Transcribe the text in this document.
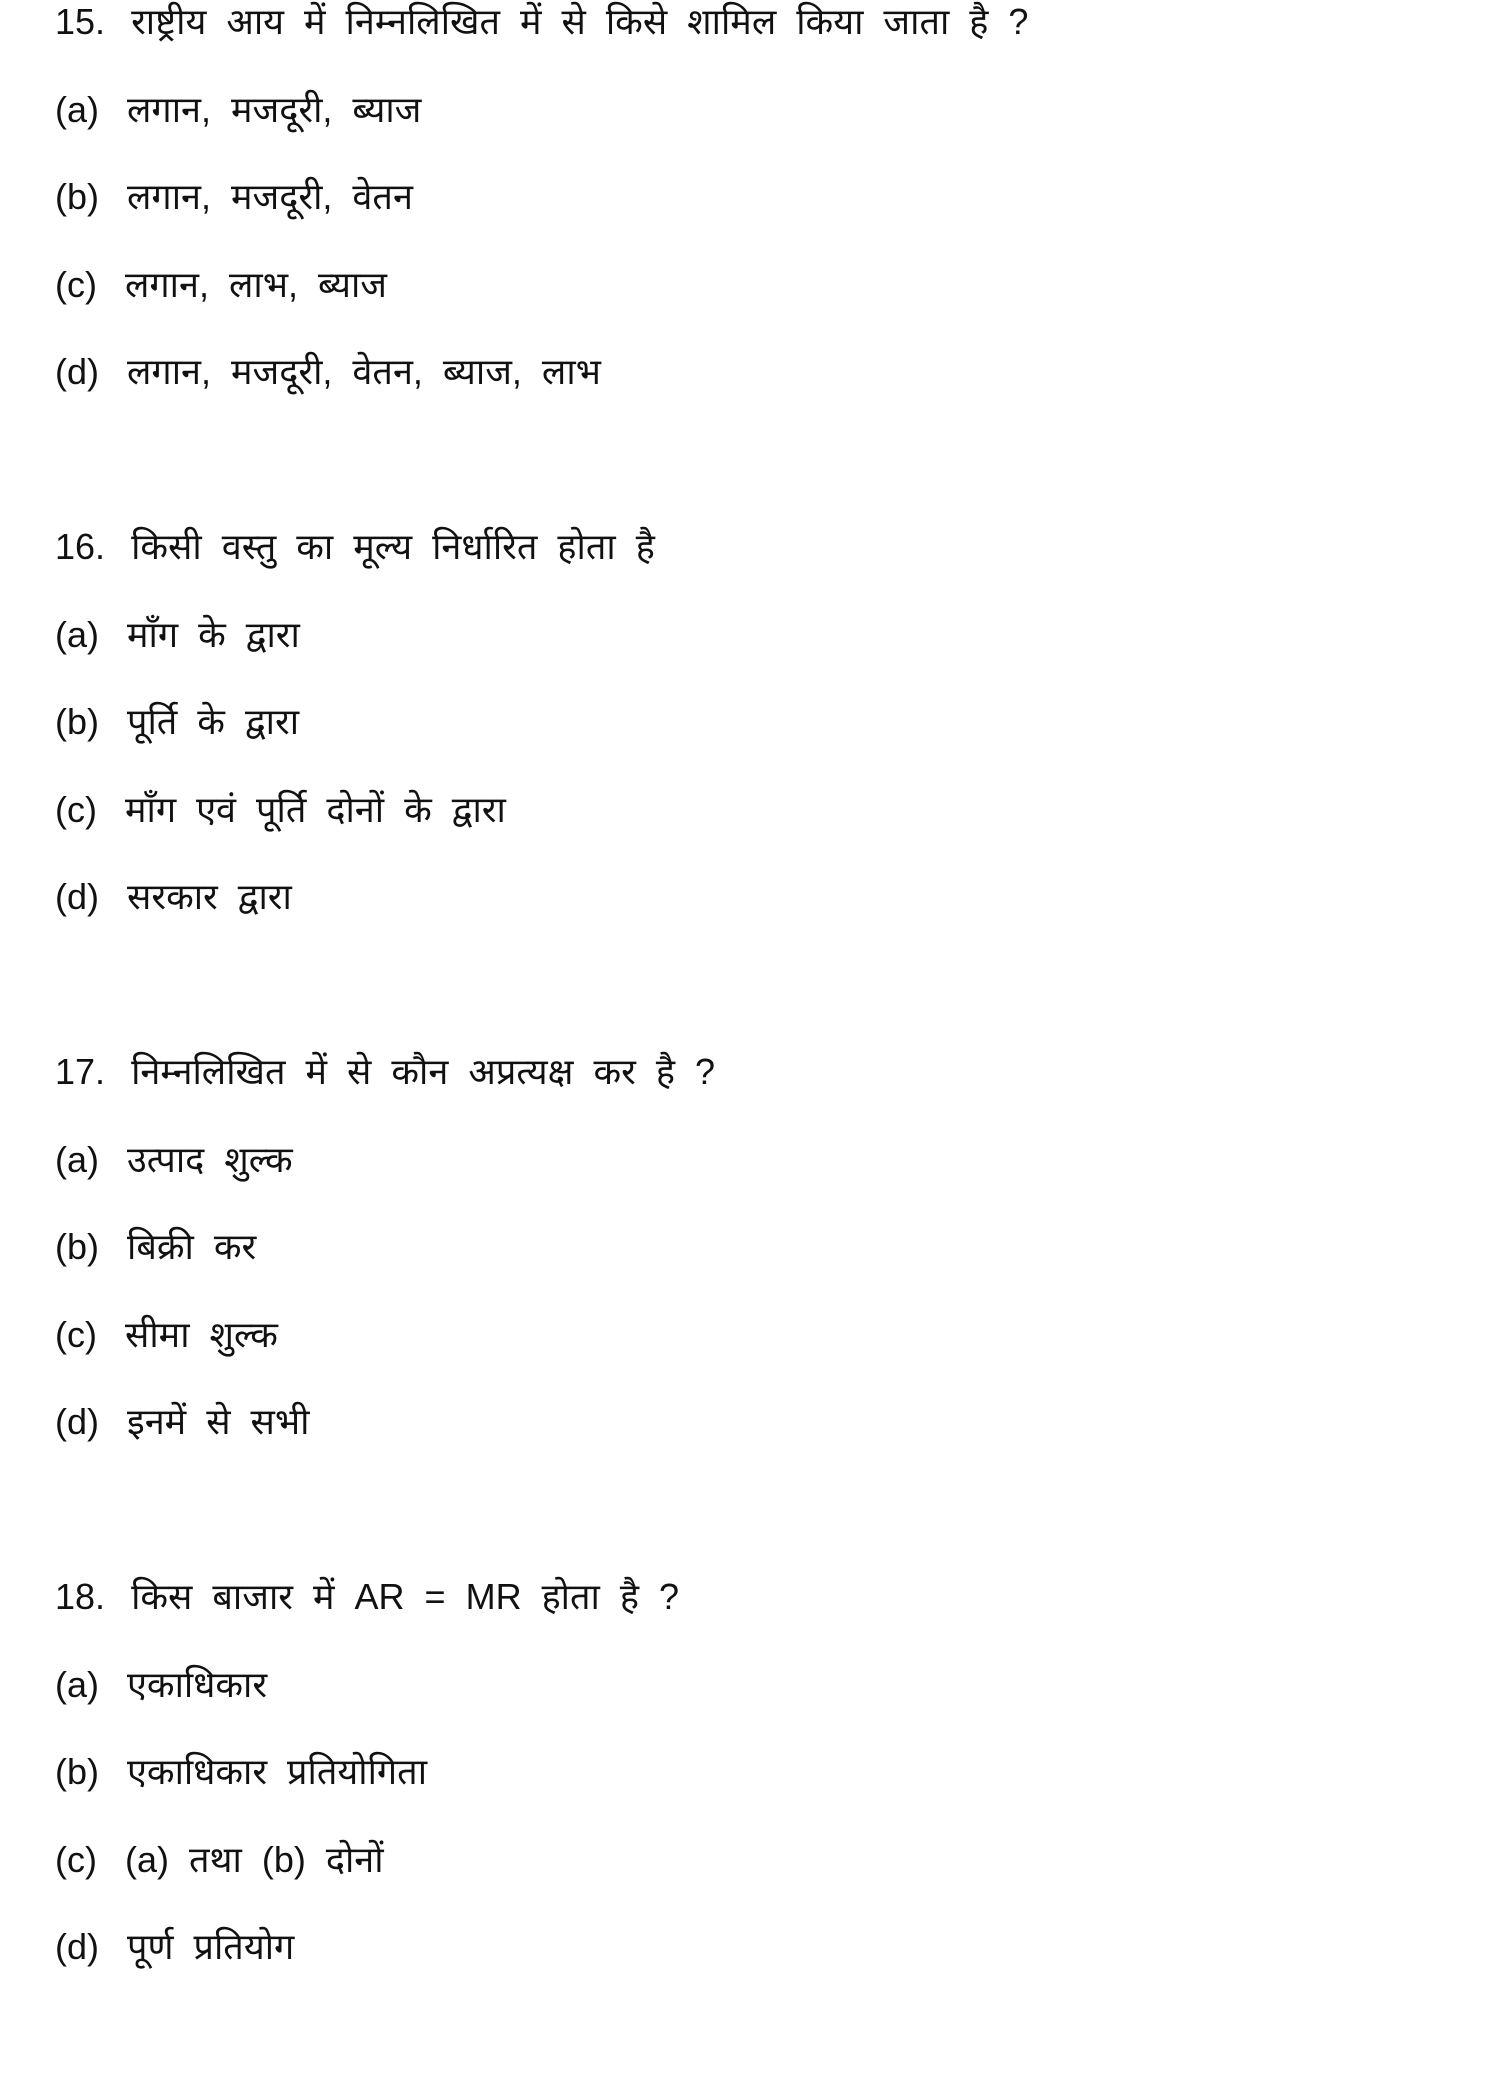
15. राष्ट्रीय आय में निम्नलिखित में से किसे शामिल किया जाता है ?
(a) लगान, मजदूरी, ब्याज
(b) लगान, मजदूरी, वेतन
(c) लगान, लाभ, ब्याज
(d) लगान, मजदूरी, वेतन, ब्याज, लाभ
16. किसी वस्तु का मूल्य निर्धारित होता है
(a) माँग के द्वारा
(b) पूर्ति के द्वारा
(c) माँग एवं पूर्ति दोनों के द्वारा
(d) सरकार द्वारा
17. निम्नलिखित में से कौन अप्रत्यक्ष कर है ?
(a) उत्पाद शुल्क
(b) बिक्री कर
(c) सीमा शुल्क
(d) इनमें से सभी
18. किस बाजार में AR = MR होता है ?
(a) एकाधिकार
(b) एकाधिकार प्रतियोगिता
(c) (a) तथा (b) दोनों
(d) पूर्ण प्रतियोग
